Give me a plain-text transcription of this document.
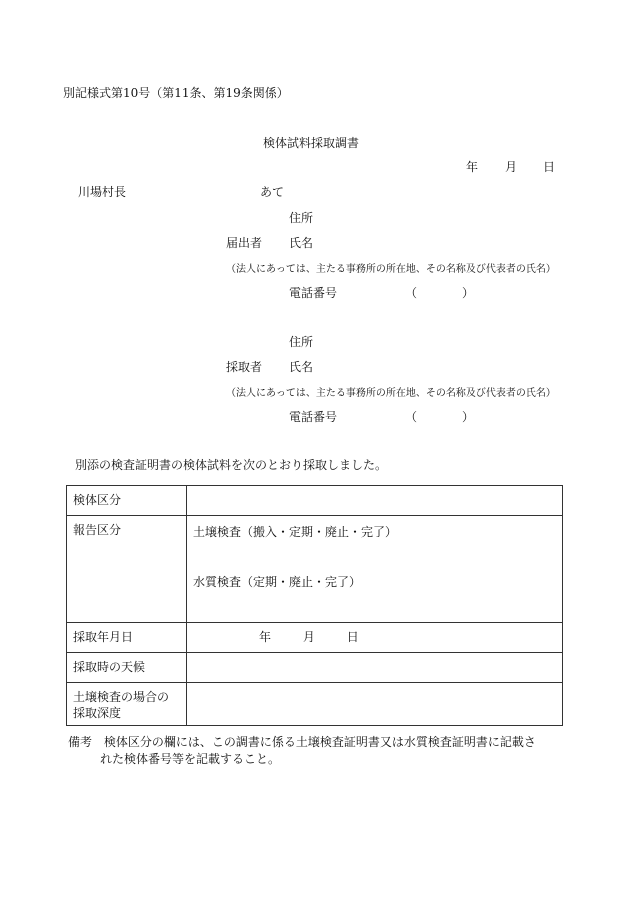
別記様式第10号（第11条、第19条関係）
検体試料採取調書
年 月 日
川場村長	あて
住所
届出者 氏名
（法人にあっては、主たる事務所の所在地、その名称及び代表者の氏名）
電話番号	（	）
住所
採取者 氏名
（法人にあっては、主たる事務所の所在地、その名称及び代表者の氏名）
電話番号	（	）
別添の検査証明書の検体試料を次のとおり採取しました。
検体区分	
報告区分	土壌検査（搬入・定期・廃止・完了）
水質検査（定期・廃止・完了）

採取年月日	年 月 日
採取時の天候	

土壌検査の場合の
採取深度	

備考 検体区分の欄には、この調書に係る土壌検査証明書又は水質検査証明書に記載さ
れた検体番号等を記載すること。
